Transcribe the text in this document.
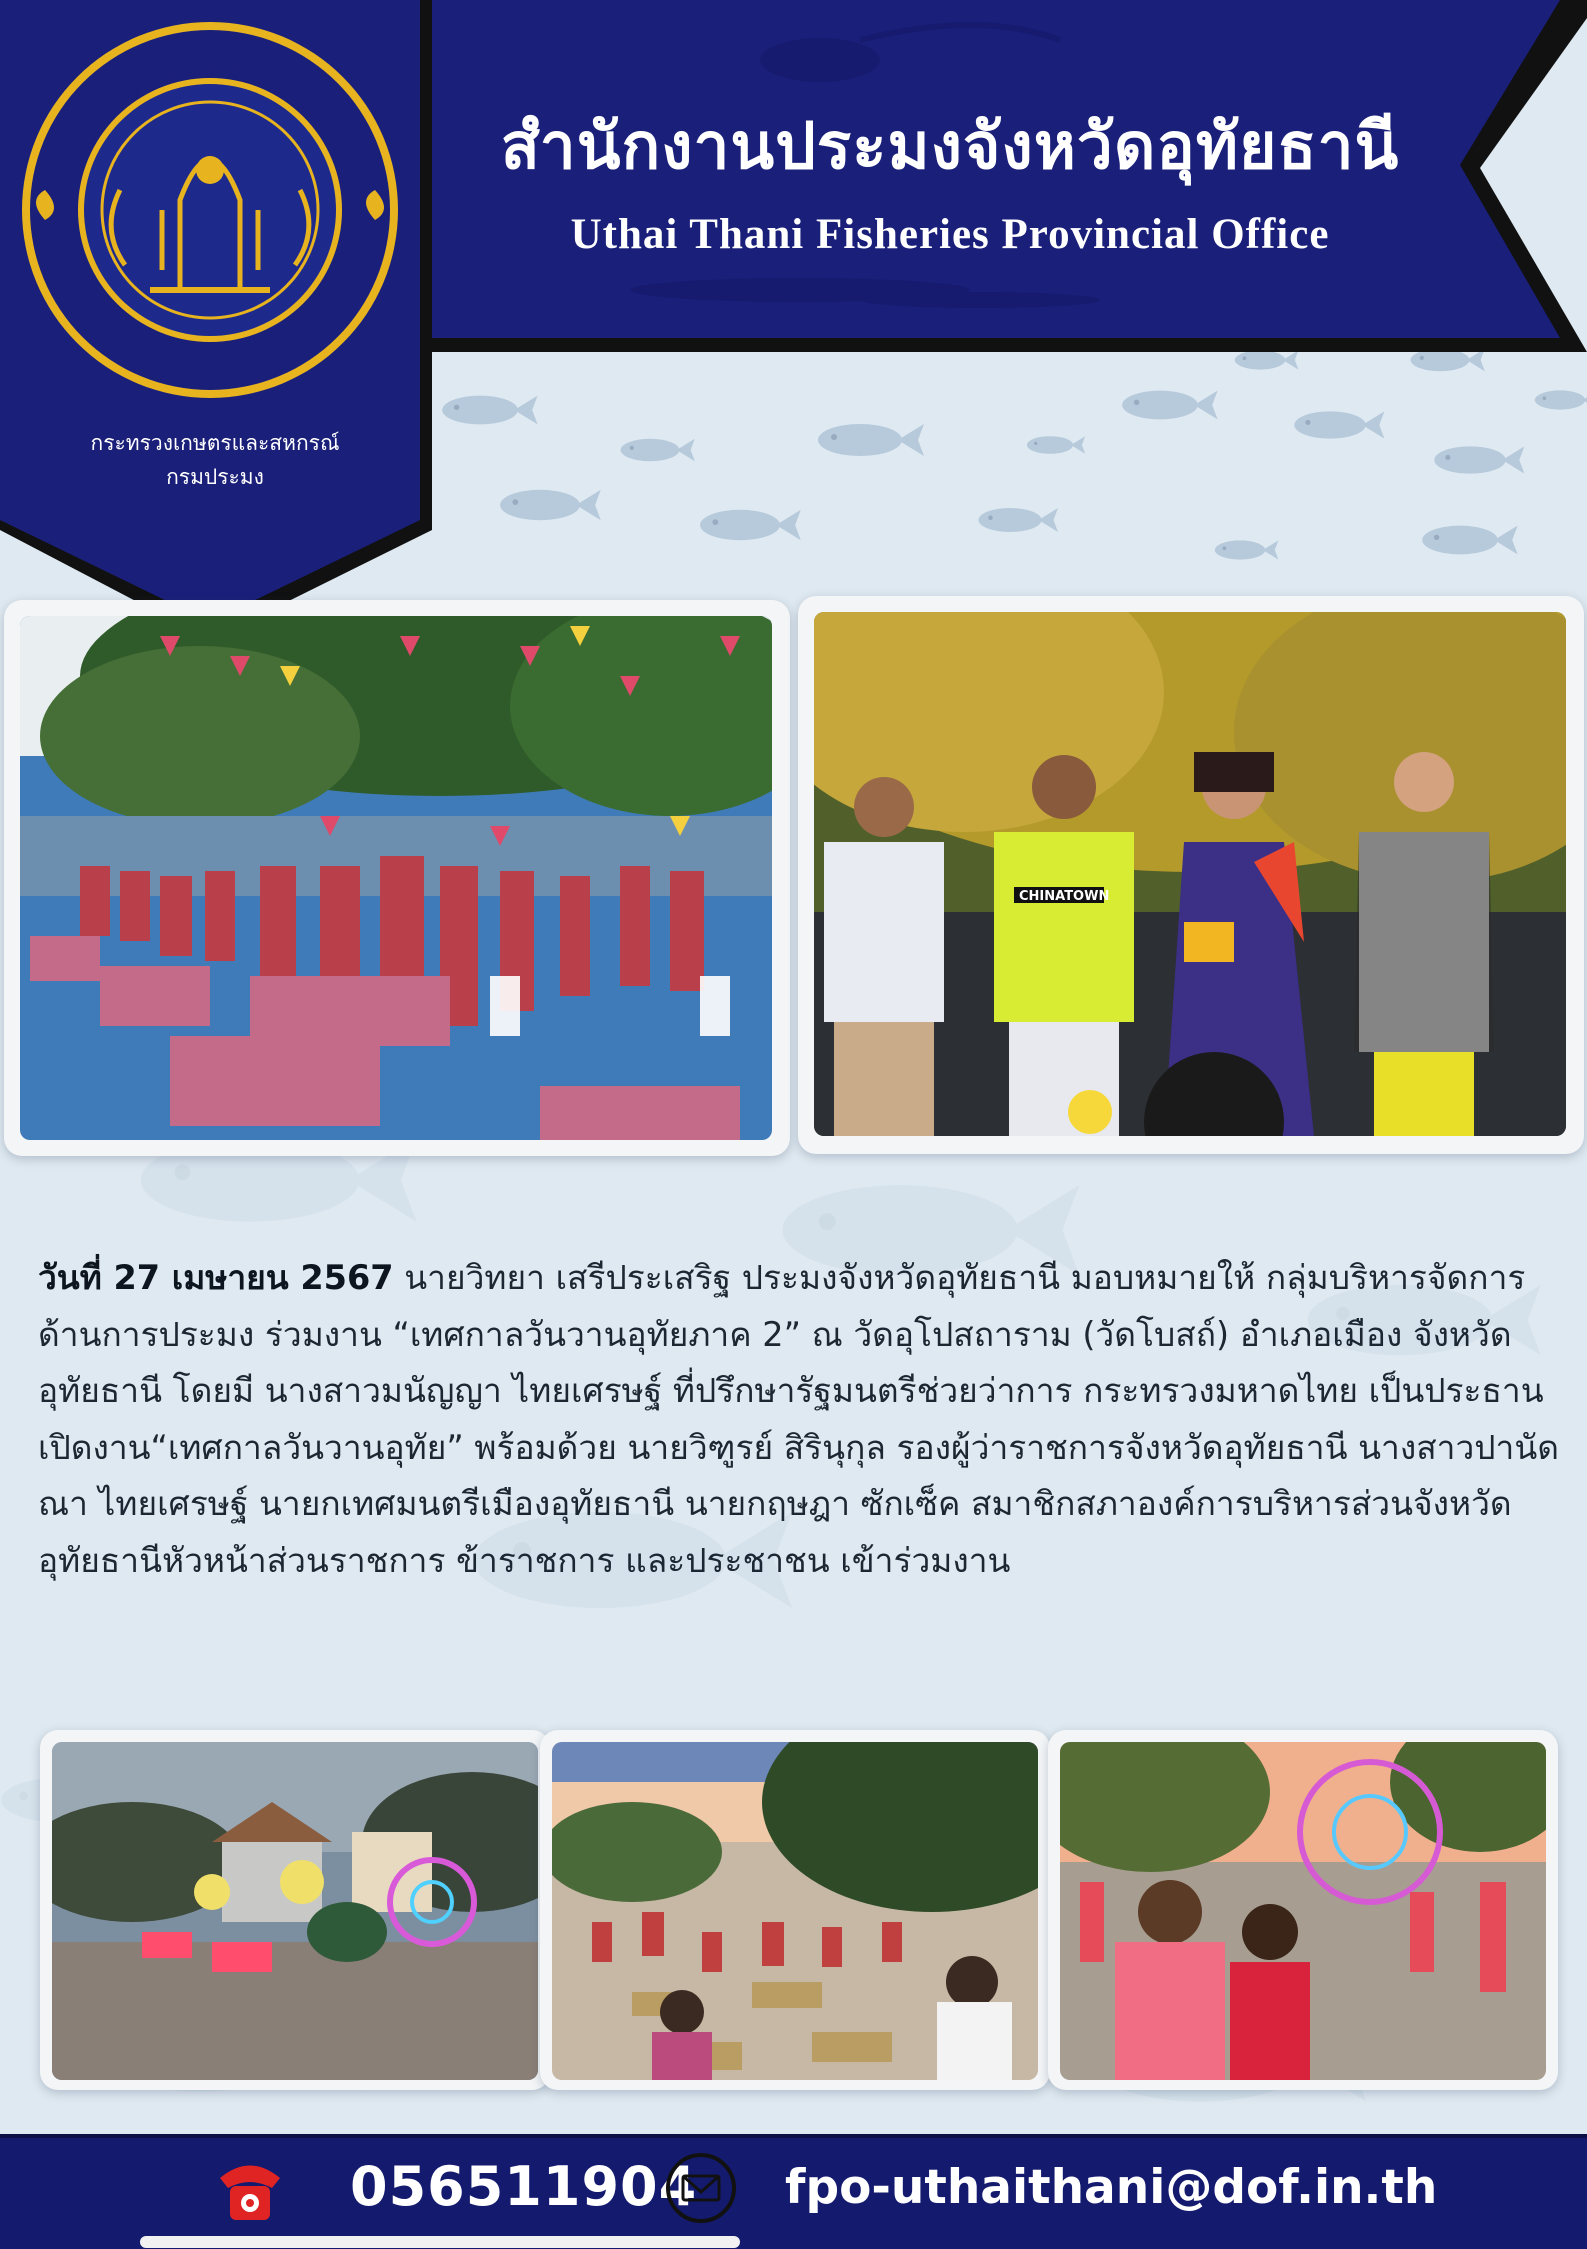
สำนักงานประมงจังหวัดอุทัยธานี
Uthai Thani Fisheries Provincial Office
กรมประมง
กระทรวงเกษตรและสหกรณ์
กระทรวงเกษตรและสหกรณ์
กรมประมง
CHINATOWN
วันที่ 27 เมษายน 2567 นายวิทยา เสรีประเสริฐ ประมงจังหวัดอุทัยธานี มอบหมายให้ กลุ่มบริหารจัดการด้านการประมง ร่วมงาน “เทศกาลวันวานอุทัยภาค 2” ณ วัดอุโปสถาราม (วัดโบสถ์) อำเภอเมือง จังหวัดอุทัยธานี โดยมี นางสาวมนัญญา ไทยเศรษฐ์ ที่ปรึกษารัฐมนตรีช่วยว่าการ กระทรวงมหาดไทย เป็นประธานเปิดงาน“เทศกาลวันวานอุทัย” พร้อมด้วย นายวิฑูรย์ สิรินุกุล รองผู้ว่าราชการจังหวัดอุทัยธานี นางสาวปานัดณา ไทยเศรษฐ์ นายกเทศมนตรีเมืองอุทัยธานี นายกฤษฎา ซักเซ็ค สมาชิกสภาองค์การบริหารส่วนจังหวัดอุทัยธานีหัวหน้าส่วนราชการ ข้าราชการ และประชาชน เข้าร่วมงาน
056511904 fpo-uthaithani@dof.in.th
